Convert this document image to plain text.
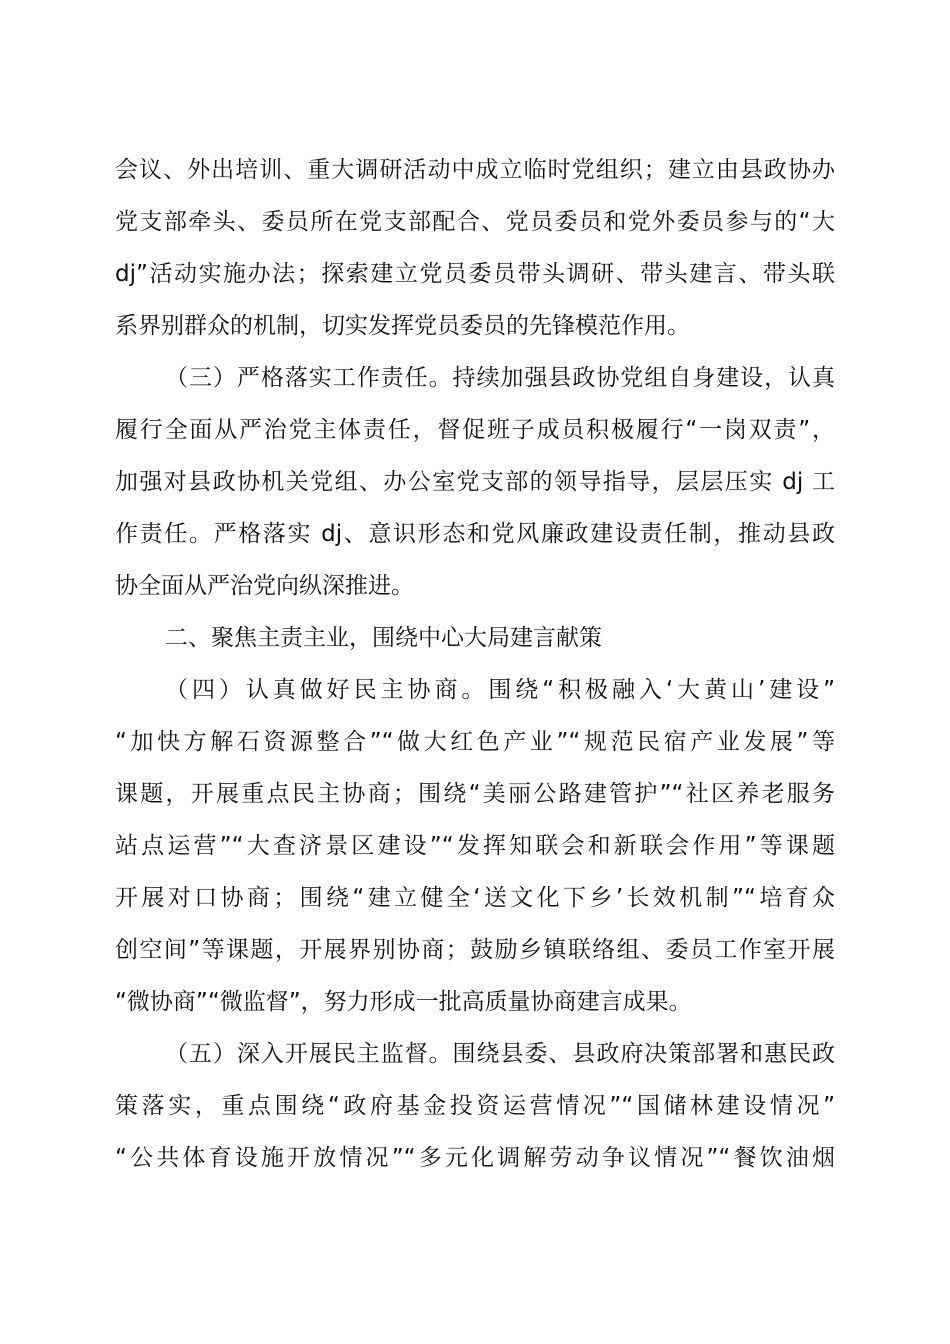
会议、外出培训、重大调研活动中成立临时党组织；建立由县政协办
党支部牵头、委员所在党支部配合、党员委员和党外委员参与的“大
dj”活动实施办法；探索建立党员委员带头调研、带头建言、带头联
系界别群众的机制，切实发挥党员委员的先锋模范作用。
（三）严格落实工作责任。持续加强县政协党组自身建设，认真
履行全面从严治党主体责任，督促班子成员积极履行“一岗双责”，
加强对县政协机关党组、办公室党支部的领导指导，层层压实 dj 工
作责任。严格落实 dj、意识形态和党风廉政建设责任制，推动县政
协全面从严治党向纵深推进。
二、聚焦主责主业，围绕中心大局建言献策
（四）认真做好民主协商。围绕“积极融入‘大黄山’建设”
“加快方解石资源整合”“做大红色产业”“规范民宿产业发展”等
课题，开展重点民主协商；围绕“美丽公路建管护”“社区养老服务
站点运营”“大查济景区建设”“发挥知联会和新联会作用”等课题
开展对口协商；围绕“建立健全‘送文化下乡’长效机制”“培育众
创空间”等课题，开展界别协商；鼓励乡镇联络组、委员工作室开展
“微协商”“微监督”，努力形成一批高质量协商建言成果。
（五）深入开展民主监督。围绕县委、县政府决策部署和惠民政
策落实，重点围绕“政府基金投资运营情况”“国储林建设情况”
“公共体育设施开放情况”“多元化调解劳动争议情况”“餐饮油烟
